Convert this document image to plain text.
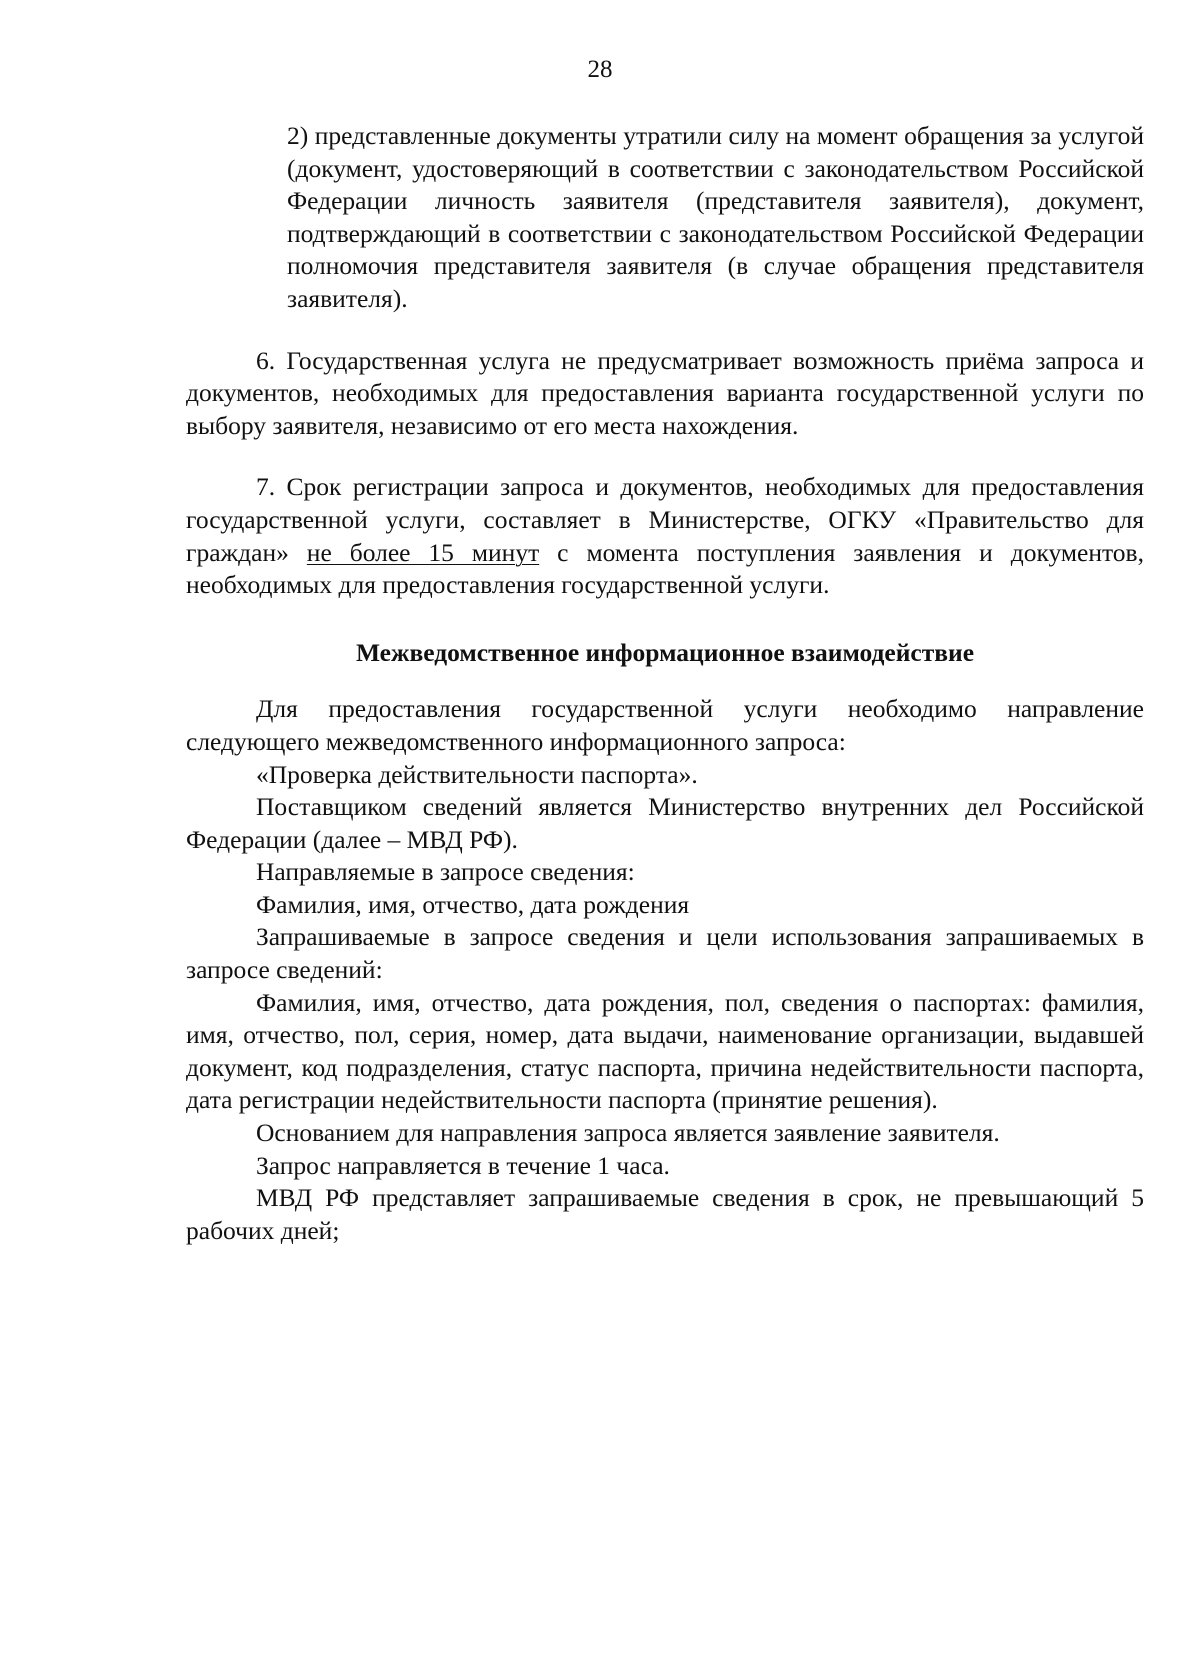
28

2) представленные документы утратили силу на момент обращения за услугой (документ, удостоверяющий в соответствии с законодательством Российской Федерации личность заявителя (представителя заявителя), документ, подтверждающий в соответствии с законодательством Российской Федерации полномочия представителя заявителя (в случае обращения представителя заявителя).

6. Государственная услуга не предусматривает возможность приёма запроса и документов, необходимых для предоставления варианта государственной услуги по выбору заявителя, независимо от его места нахождения.

7. Срок регистрации запроса и документов, необходимых для предоставления государственной услуги, составляет в Министерстве, ОГКУ «Правительство для граждан» не более 15 минут с момента поступления заявления и документов, необходимых для предоставления государственной услуги.

Межведомственное информационное взаимодействие

Для предоставления государственной услуги необходимо направление следующего межведомственного информационного запроса:

«Проверка действительности паспорта».

Поставщиком сведений является Министерство внутренних дел Российской Федерации (далее – МВД РФ).

Направляемые в запросе сведения:

Фамилия, имя, отчество, дата рождения

Запрашиваемые в запросе сведения и цели использования запрашиваемых в запросе сведений:

Фамилия, имя, отчество, дата рождения, пол, сведения о паспортах: фамилия, имя, отчество, пол, серия, номер, дата выдачи, наименование организации, выдавшей документ, код подразделения, статус паспорта, причина недействительности паспорта, дата регистрации недействительности паспорта (принятие решения).

Основанием для направления запроса является заявление заявителя.

Запрос направляется в течение 1 часа.

МВД РФ представляет запрашиваемые сведения в срок, не превышающий 5 рабочих дней;
